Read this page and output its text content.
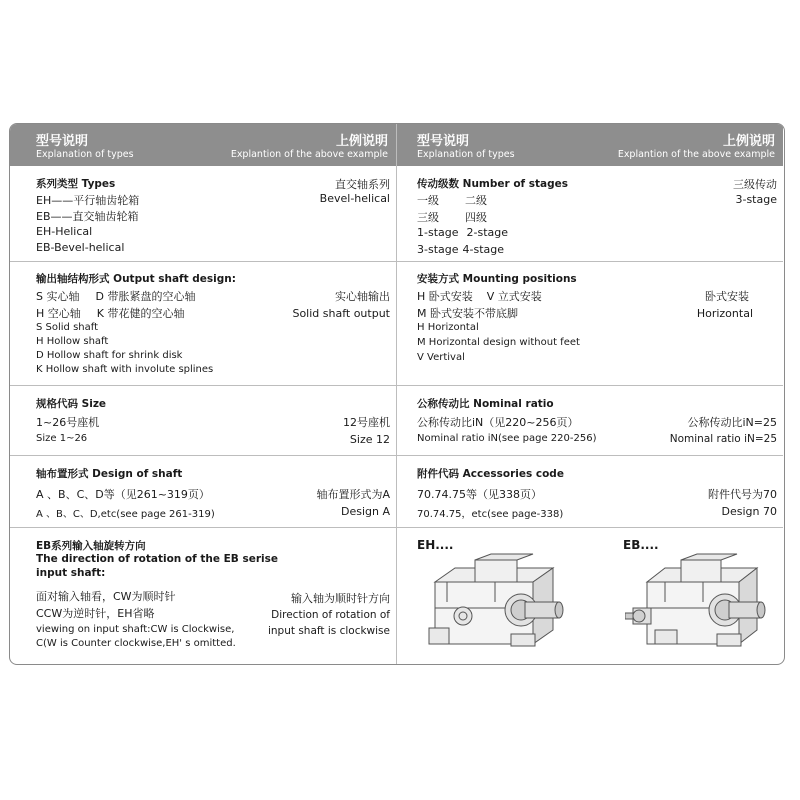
型号说明
Explanation of types
上例说明
Explantion of the above example
系列类型 Types
EH——平行轴齿轮箱
EB——直交轴齿轮箱
EH-Helical
EB-Bevel-helical
直交轴系列
Bevel-helical
输出轴结构形式 Output shaft design:
S 实心轴 D 带胀紧盘的空心轴
H 空心轴 K 带花健的空心轴
S Solid shaft
H Hollow shaft
D Hollow shaft for shrink disk
K Hollow shaft with involute splines
实心轴输出
Solid shaft output
规格代码 Size
1~26号座机
Size 1~26
12号座机
Size 12
轴布置形式 Design of shaft
A 、B、C、D等（见261~319页）
A 、B、C、D,etc(see page 261-319)
轴布置形式为A
Design A
EB系列输入轴旋转方向
The direction of rotation of the EB serise
input shaft:
面对输入轴看，CW为顺时针
CCW为逆时针，EH省略
viewing on input shaft:CW is Clockwise,
C(W is Counter clockwise,EH' s omitted.
输入轴为顺时针方向
Direction of rotation of
input shaft is clockwise
型号说明
Explanation of types
上例说明
Explantion of the above example
传动级数 Number of stages
一级 二级
三级 四级
1-stage 2-stage
3-stage 4-stage
三级传动
3-stage
安装方式 Mounting positions
H 卧式安装 V 立式安装
M 卧式安装不带底脚
H Horizontal
M Horizontal design without feet
V Vertival
卧式安装
Horizontal
公称传动比 Nominal ratio
公称传动比iN（见220~256页）
Nominal ratio iN(see page 220-256)
公称传动比iN=25
Nominal ratio iN=25
附件代码 Accessories code
70.74.75等（见338页）
70.74.75，etc(see page-338)
附件代号为70
Design 70
EH....	EB....
